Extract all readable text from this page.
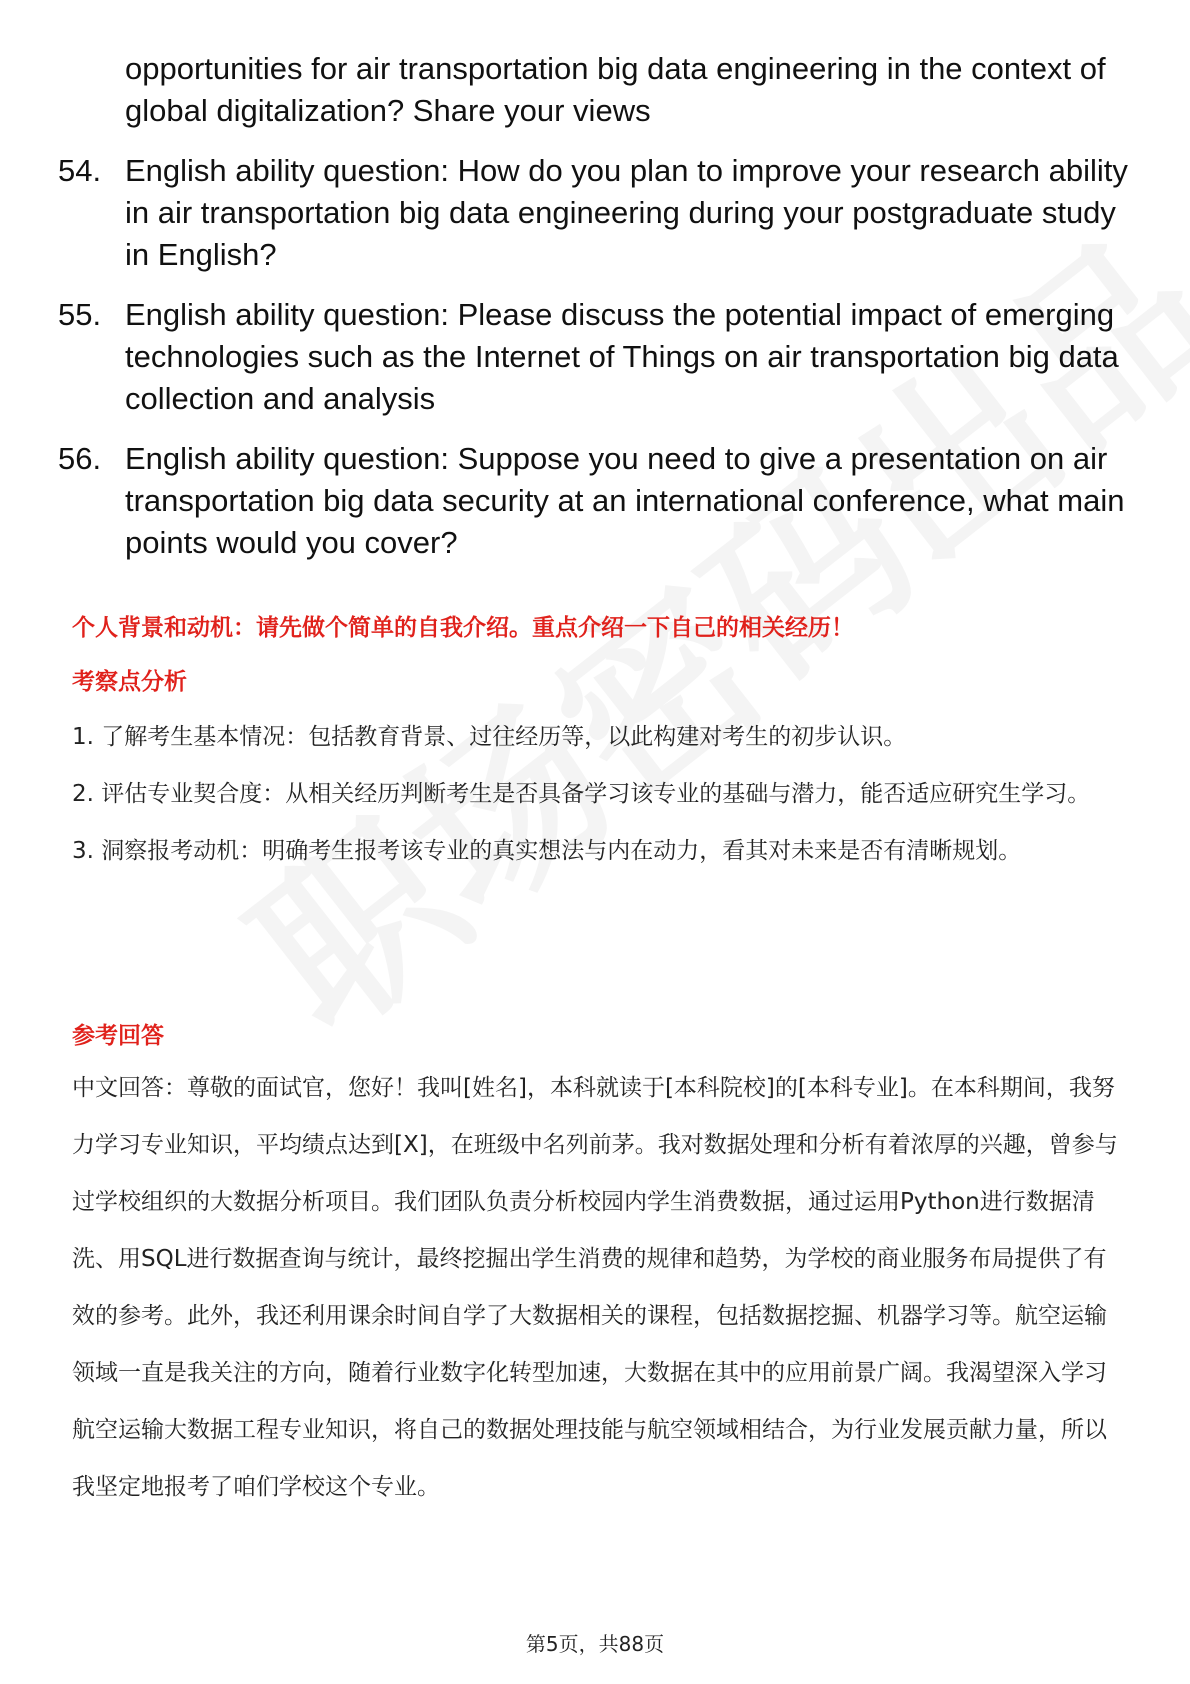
opportunities for air transportation big data engineering in the context of global digitalization? Share your views
54. English ability question: How do you plan to improve your research ability in air transportation big data engineering during your postgraduate study in English?
55. English ability question: Please discuss the potential impact of emerging technologies such as the Internet of Things on air transportation big data collection and analysis
56. English ability question: Suppose you need to give a presentation on air transportation big data security at an international conference, what main points would you cover?
个人背景和动机：请先做个简单的自我介绍。重点介绍一下自己的相关经历！
考察点分析
1. 了解考生基本情况：包括教育背景、过往经历等，以此构建对考生的初步认识。
2. 评估专业契合度：从相关经历判断考生是否具备学习该专业的基础与潜力，能否适应研究生学习。
3. 洞察报考动机：明确考生报考该专业的真实想法与内在动力，看其对未来是否有清晰规划。
参考回答
中文回答：尊敬的面试官，您好！我叫[姓名]，本科就读于[本科院校]的[本科专业]。在本科期间，我努力学习专业知识，平均绩点达到[X]，在班级中名列前茅。我对数据处理和分析有着浓厚的兴趣，曾参与过学校组织的大数据分析项目。我们团队负责分析校园内学生消费数据，通过运用Python进行数据清洗、用SQL进行数据查询与统计，最终挖掘出学生消费的规律和趋势，为学校的商业服务布局提供了有效的参考。此外，我还利用课余时间自学了大数据相关的课程，包括数据挖掘、机器学习等。航空运输领域一直是我关注的方向，随着行业数字化转型加速，大数据在其中的应用前景广阔。我渴望深入学习航空运输大数据工程专业知识，将自己的数据处理技能与航空领域相结合，为行业发展贡献力量，所以我坚定地报考了咱们学校这个专业。
第5页，共88页
